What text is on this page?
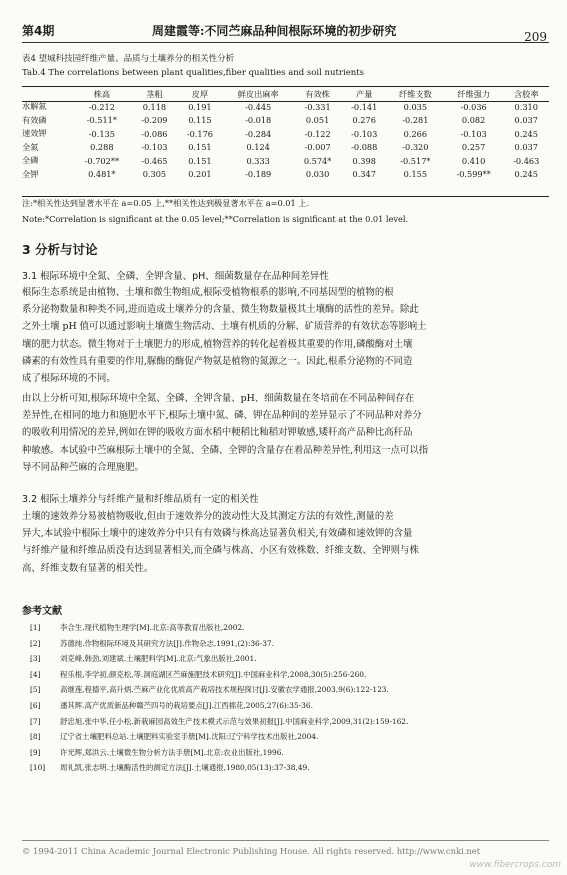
第4期	周建霞等:不同苎麻品种间根际环境的初步研究	209
表4 望城科技园纤维产量、品质与土壤养分的相关性分析
Tab.4 The correlations between plant qualities,fiber qualities and soil nutrients
	株高	茎粗	皮厚	鲜皮出麻率	有效株	产量	纤维支数	纤维强力	含胶率
水解氮	-0.212	0.118	0.191	-0.445	-0.331	-0.141	0.035	-0.036	0.310
有效磷	-0.511*	-0.209	0.115	-0.018	0.051	0.276	-0.281	0.082	0.037
速效钾	-0.135	-0.086	-0.176	-0.284	-0.122	-0.103	0.266	-0.103	0.245
全氮	0.288	-0.103	0.151	0.124	-0.007	-0.088	-0.320	0.257	0.037
全磷	-0.702**	-0.465	0.151	0.333	0.574*	0.398	-0.517*	0.410	-0.463
全钾	0.481*	0.305	0.201	-0.189	0.030	0.347	0.155	-0.599**	0.245
注:*相关性达到显著水平在 a=0.05 上,**相关性达到极显著水平在 a=0.01 上.
Note:*Correlation is significant at the 0.05 level;**Correlation is significant at the 0.01 level.
3 分析与讨论
3.1 根际环境中全氮、全磷、全钾含量、pH、细菌数量存在品种间差异性
根际生态系统是由植物、土壤和微生物组成,根际受植物根系的影响,不同基因型的植物的根
系分泌物数量和种类不同,进而造成土壤养分的含量、微生物数量极其土壤酶的活性的差异。除此
之外土壤 pH 值可以通过影响土壤微生物活动、土壤有机质的分解、矿质营养的有效状态等影响土
壤的肥力状态。微生物对于土壤肥力的形成,植物营养的转化起着极其重要的作用,磷酸酶对土壤
磷素的有效性具有重要的作用,脲酶的酶促产物氨是植物的氮源之一。因此,根系分泌物的不同造
成了根际环境的不同。
由以上分析可知,根际环境中全氮、全磷、全钾含量、pH、细菌数量在冬培前在不同品种间存在
差异性,在相同的地力和施肥水平下,根际土壤中氮、磷、钾在品种间的差异显示了不同品种对养分
的吸收利用情况的差异,例如在钾的吸收方面水稻中粳稻比籼稻对钾敏感,矮秆高产品种比高秆品
种敏感。本试验中苎麻根际土壤中的全氮、全磷、全钾的含量存在着品种差异性,利用这一点可以指
导不同品种苎麻的合理施肥。
3.2 根际土壤养分与纤维产量和纤维品质有一定的相关性
土壤的速效养分易被植物吸收,但由于速效养分的波动性大及其测定方法的有效性,测量的差
异大,本试验中根际土壤中的速效养分中只有有效磷与株高达显著负相关,有效磷和速效钾的含量
与纤维产量和纤维品质没有达到显著相关,而全磷与株高、小区有效株数、纤维支数、全钾则与株
高、纤维支数有显著的相关性。
参考文献
[1]	李合生.现代植物生理学[M].北京:高等教育出版社,2002.
[2]	苏德纯.作物根际环境及其研究方法[J].作物杂志,1991,(2):36-37.
[3]	刘克峰,韩劲,刘建斌.土壤肥料学[M].北京:气象出版社,2001.
[4]	程乐根,李学初,颜克松,等.洞庭湖区苎麻施肥技术研究[J].中国麻业科学,2008,30(5):256-260.
[5]	高继莲,程德平,高升炳.苎麻产业化优质高产栽培技术规程探讨[J].安徽农学通报,2003,9(6):122-123.
[6]	潘其辉.高产优质新品种赣苎四号的栽培要点[J].江西棉花,2005,27(6):35-36.
[7]	舒忠旭,张中华,任小松.新栽麻园高效生产技术模式示范与效果初报[J].中国麻业科学,2009,31(2):159-162.
[8]	辽宁省土壤肥料总站.土壤肥料实验室手册[M].沈阳:辽宁科学技术出版社,2004.
[9]	许光辉,郑洪云.土壤微生物分析方法手册[M].北京:农业出版社,1996.
[10] 周礼凯,张志明.土壤酶活性的测定方法[J].土壤通报,1980,05(13):37-38,49.
© 1994-2011 China Academic Journal Electronic Publishing House. All rights reserved. http://www.cnki.net
www.fibercrops.com
